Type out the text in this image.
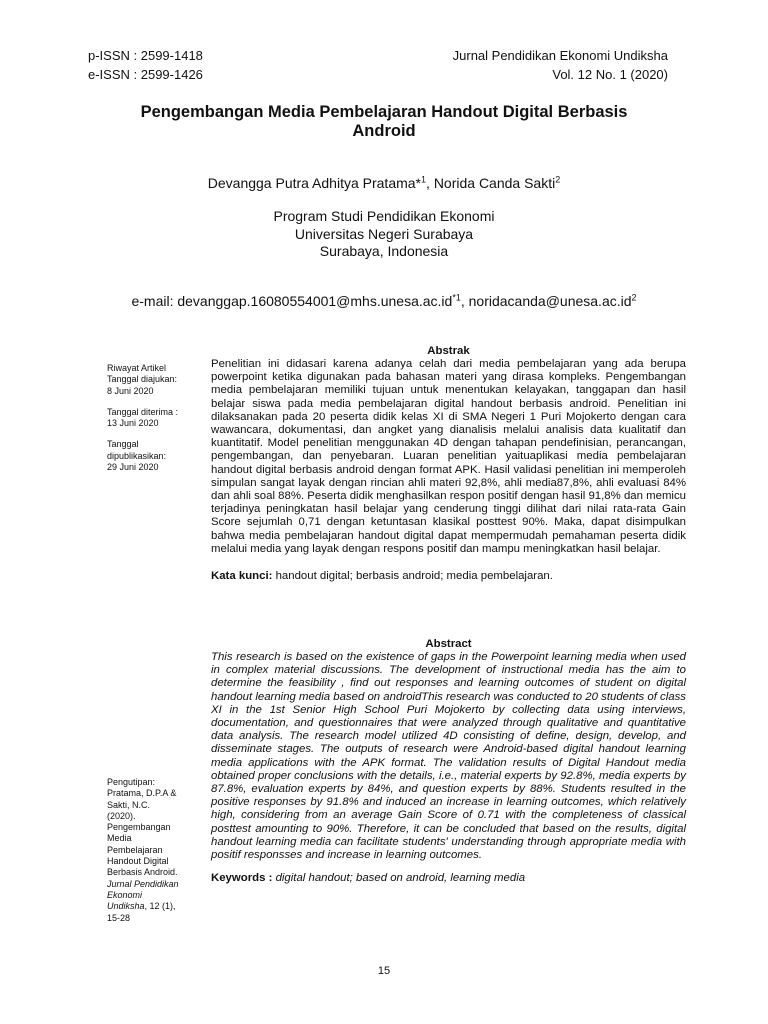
p-ISSN : 2599-1418
e-ISSN : 2599-1426
Jurnal Pendidikan Ekonomi Undiksha
Vol. 12 No. 1 (2020)
Pengembangan Media Pembelajaran Handout Digital Berbasis
Android
Devangga Putra Adhitya Pratama*$^1$, Norida Canda Sakti$^2$
Program Studi Pendidikan Ekonomi
Universitas Negeri Surabaya
Surabaya, Indonesia
e-mail: $devanggap.16080554001@mhs.unesa.ac.id^{*1}$, $noridacanda@unesa.ac.id^2$

Riwayat Artikel

Tanggal diajukan:

8 Juni 2020

Tanggal diterima :

13 Juni 2020

Tanggal

dipublikasikan:

29 Juni 2020

Pengutipan:

Pratama, D.P.A &

Sakti, N.C.

(2020).

Pengembangan

Media

Pembelajaran

Handout Digital

Berbasis Android.

Jurnal Pendidikan

Ekonomi

Undiksha, 12 (1),

15-28

Abstrak

Penelitian ini didasari karena adanya celah dari media pembelajaran yang ada berupa powerpoint ketika digunakan pada bahasan materi yang dirasa kompleks. Pengembangan media pembelajaran memiliki tujuan untuk menentukan kelayakan, tanggapan dan hasil belajar siswa pada media pembelajaran digital handout berbasis android. Penelitian ini dilaksanakan pada 20 peserta didik kelas XI di SMA Negeri 1 Puri Mojokerto dengan cara wawancara, dokumentasi, dan angket yang dianalisis melalui analisis data kualitatif dan kuantitatif. Model penelitian menggunakan 4D dengan tahapan pendefinisian, perancangan, pengembangan, dan penyebaran. Luaran penelitian yaituaplikasi media pembelajaran handout digital berbasis android dengan format APK. Hasil validasi penelitian ini memperoleh simpulan sangat layak dengan rincian ahli materi 92,8%, ahli media87,8%, ahli evaluasi 84% dan ahli soal 88%. Peserta didik menghasilkan respon positif dengan hasil 91,8% dan memicu terjadinya peningkatan hasil belajar yang cenderung tinggi dilihat dari nilai rata-rata Gain Score sejumlah 0,71 dengan ketuntasan klasikal posttest 90%. Maka, dapat disimpulkan bahwa media pembelajaran handout digital dapat mempermudah pemahaman peserta didik melalui media yang layak dengan respons positif dan mampu meningkatkan hasil belajar.

Kata kunci: handout digital; berbasis android; media pembelajaran.
Abstract

This research is based on the existence of gaps in the Powerpoint learning media when used in complex material discussions. The development of instructional media has the aim to determine the feasibility , find out responses and learning outcomes of student on digital handout learning media based on androidThis research was conducted to 20 students of class XI in the 1st Senior High School Puri Mojokerto by collecting data using interviews, documentation, and questionnaires that were analyzed through qualitative and quantitative data analysis. The research model utilized 4D consisting of define, design, develop, and disseminate stages. The outputs of research were Android-based digital handout learning media applications with the APK format. The validation results of Digital Handout media obtained proper conclusions with the details, i.e., material experts by 92.8%, media experts by 87.8%, evaluation experts by 84%, and question experts by 88%. Students resulted in the positive responses by 91.8% and induced an increase in learning outcomes, which relatively high, considering from an average Gain Score of 0.71 with the completeness of classical posttest amounting to 90%. Therefore, it can be concluded that based on the results, digital handout learning media can facilitate students' understanding through appropriate media with positif responsses and increase in learning outcomes.

Keywords : digital handout; based on android, learning media
15
